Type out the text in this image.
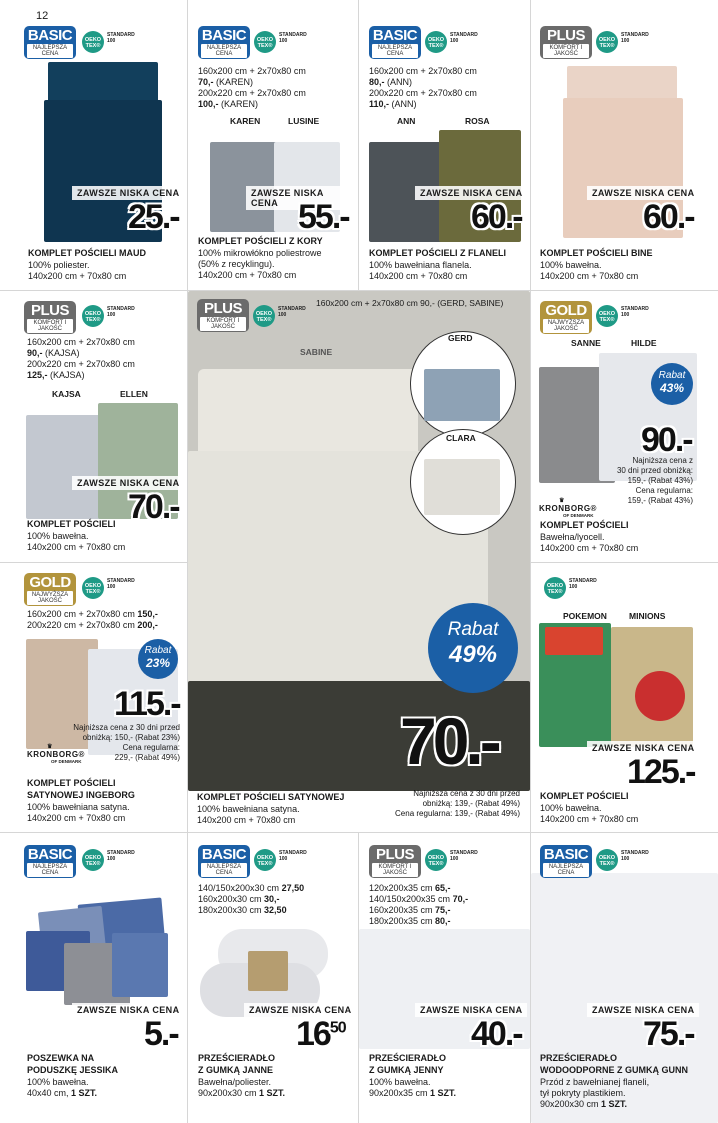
12
BASIC
NAJLEPSZA CENA
OEKO TEX®
STANDARD 100
ZAWSZE NISKA CENA
25.-
KOMPLET POŚCIELI MAUD
100% poliester.
140x200 cm + 70x80 cm
BASIC
NAJLEPSZA CENA
OEKO TEX®
STANDARD 100
160x200 cm + 2x70x80 cm
70,- (KAREN)
200x220 cm + 2x70x80 cm
100,- (KAREN)
KAREN	LUSINE
ZAWSZE NISKA CENA 55.-
KOMPLET POŚCIELI Z KORY
100% mikrowłókno poliestrowe
(50% z recyklingu).
140x200 cm + 70x80 cm
BASIC
NAJLEPSZA CENA
OEKO TEX®
STANDARD 100
160x200 cm + 2x70x80 cm
80,- (ANN)
200x220 cm + 2x70x80 cm
110,- (ANN)
ANN	ROSA
ZAWSZE NISKA CENA
60.-
KOMPLET POŚCIELI Z FLANELI
100% bawełniana flanela.
140x200 cm + 70x80 cm
PLUS
KOMFORT I JAKOŚĆ
OEKO TEX®
STANDARD 100
ZAWSZE NISKA CENA
60.-
KOMPLET POŚCIELI BINE
100% bawełna.
140x200 cm + 70x80 cm
PLUS
KOMFORT I JAKOŚĆ
OEKO TEX®
STANDARD 100
160x200 cm + 2x70x80 cm
90,- (KAJSA)
200x220 cm + 2x70x80 cm
125,- (KAJSA)
KAJSA	ELLEN
ZAWSZE NISKA CENA
70.-
KOMPLET POŚCIELI
100% bawełna.
140x200 cm + 70x80 cm
PLUS
KOMFORT I JAKOŚĆ
OEKO TEX®
STANDARD 100
160x200 cm + 2x70x80 cm 90,- (GERD, SABINE)
SABINE
GERD
CLARA
Rabat
49%
70.-
Najniższa cena z 30 dni przed
obniżką: 139,- (Rabat 49%)
Cena regularna: 139,- (Rabat 49%)
KOMPLET POŚCIELI SATYNOWEJ
100% bawełniana satyna.
140x200 cm + 70x80 cm
GOLD
NAJWYŻSZA JAKOŚĆ
OEKO TEX®
STANDARD 100
SANNE	HILDE
Rabat
43%
90.-
Najniższa cena z
30 dni przed obniżką:
159,- (Rabat 43%)
Cena regularna:
159,- (Rabat 43%)
♛
KRONBORG®
OF DENMARK
KOMPLET POŚCIELI
Bawełna/lyocell.
140x200 cm + 70x80 cm
GOLD
NAJWYŻSZA JAKOŚĆ
OEKO TEX®
STANDARD 100
160x200 cm + 2x70x80 cm 150,-
200x220 cm + 2x70x80 cm 200,-
Rabat
23%
115.-
Najniższa cena z 30 dni przed
obniżką: 150,- (Rabat 23%)
Cena regularna:
229,- (Rabat 49%)
♛
KRONBORG®
OF DENMARK
KOMPLET POŚCIELI
SATYNOWEJ INGEBORG
100% bawełniana satyna.
140x200 cm + 70x80 cm
OEKO TEX®
STANDARD 100
POKEMON	MINIONS
ZAWSZE NISKA CENA
125.-
KOMPLET POŚCIELI
100% bawełna.
140x200 cm + 70x80 cm
BASIC
NAJLEPSZA CENA
OEKO TEX®
STANDARD 100
ZAWSZE NISKA CENA
5.-
POSZEWKA NA
PODUSZKĘ JESSIKA
100% bawełna.
40x40 cm, 1 SZT.
BASIC
NAJLEPSZA CENA
OEKO TEX®
STANDARD 100
140/150x200x30 cm 27,50
160x200x30 cm 30,-
180x200x30 cm 32,50
ZAWSZE NISKA CENA
$16^{50}$
PRZEŚCIERADŁO
Z GUMKĄ JANNE
Bawełna/poliester.
90x200x30 cm 1 SZT.
PLUS
KOMFORT I JAKOŚĆ
OEKO TEX®
STANDARD 100
120x200x35 cm 65,-
140/150x200x35 cm 70,-
160x200x35 cm 75,-
180x200x35 cm 80,-
ZAWSZE NISKA CENA
40.-
PRZEŚCIERADŁO
Z GUMKĄ JENNY
100% bawełna.
90x200x35 cm 1 SZT.
BASIC
NAJLEPSZA CENA
OEKO TEX®
STANDARD 100
ZAWSZE NISKA CENA
75.-
PRZEŚCIERADŁO
WODOODPORNE Z GUMKĄ GUNN
Przód z bawełnianej flaneli,
tył pokryty plastikiem.
90x200x30 cm 1 SZT.
